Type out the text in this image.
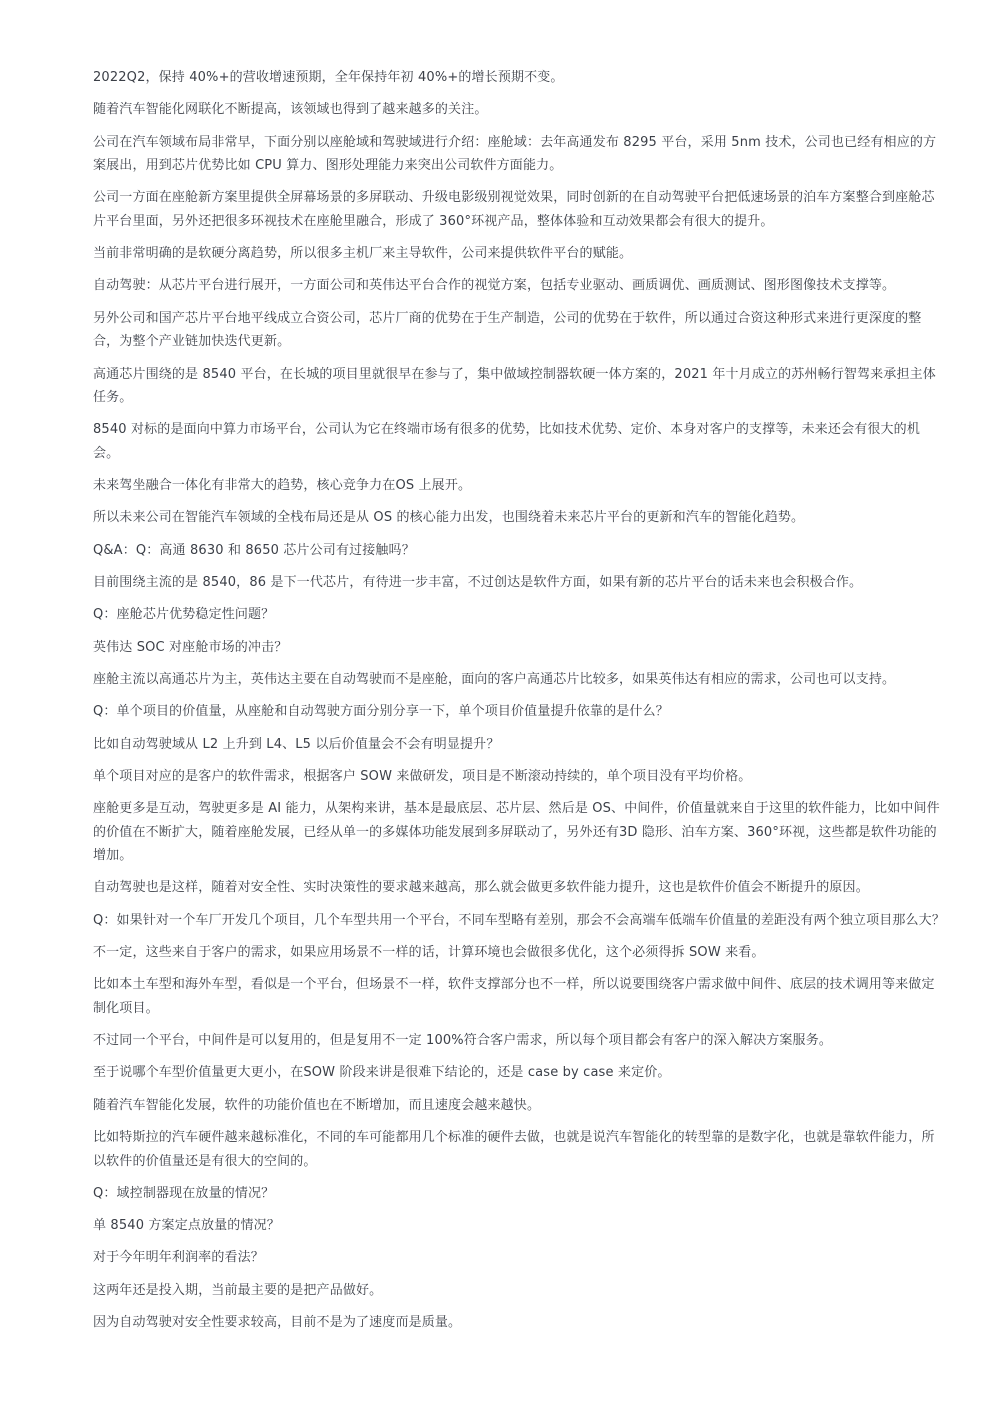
2022Q2，保持 40%+的营收增速预期，全年保持年初 40%+的增长预期不变。

随着汽车智能化网联化不断提高，该领域也得到了越来越多的关注。

公司在汽车领域布局非常早，下面分别以座舱域和驾驶域进行介绍：座舱域：去年高通发布 8295 平台，采用 5nm 技术，公司也已经有相应的方案展出，用到芯片优势比如 CPU 算力、图形处理能力来突出公司软件方面能力。

公司一方面在座舱新方案里提供全屏幕场景的多屏联动、升级电影级别视觉效果，同时创新的在自动驾驶平台把低速场景的泊车方案整合到座舱芯片平台里面，另外还把很多环视技术在座舱里融合，形成了 360°环视产品，整体体验和互动效果都会有很大的提升。

当前非常明确的是软硬分离趋势，所以很多主机厂来主导软件，公司来提供软件平台的赋能。

自动驾驶：从芯片平台进行展开，一方面公司和英伟达平台合作的视觉方案，包括专业驱动、画质调优、画质测试、图形图像技术支撑等。

另外公司和国产芯片平台地平线成立合资公司，芯片厂商的优势在于生产制造，公司的优势在于软件，所以通过合资这种形式来进行更深度的整合，为整个产业链加快迭代更新。

高通芯片围绕的是 8540 平台，在长城的项目里就很早在参与了，集中做域控制器软硬一体方案的，2021 年十月成立的苏州畅行智驾来承担主体任务。

8540 对标的是面向中算力市场平台，公司认为它在终端市场有很多的优势，比如技术优势、定价、本身对客户的支撑等，未来还会有很大的机会。

未来驾坐融合一体化有非常大的趋势，核心竞争力在OS 上展开。

所以未来公司在智能汽车领域的全栈布局还是从 OS 的核心能力出发，也围绕着未来芯片平台的更新和汽车的智能化趋势。

Q&A：Q：高通 8630 和 8650 芯片公司有过接触吗？

目前围绕主流的是 8540，86 是下一代芯片，有待进一步丰富，不过创达是软件方面，如果有新的芯片平台的话未来也会积极合作。

Q：座舱芯片优势稳定性问题？

英伟达 SOC 对座舱市场的冲击？

座舱主流以高通芯片为主，英伟达主要在自动驾驶而不是座舱，面向的客户高通芯片比较多，如果英伟达有相应的需求，公司也可以支持。

Q：单个项目的价值量，从座舱和自动驾驶方面分别分享一下，单个项目价值量提升依靠的是什么？

比如自动驾驶域从 L2 上升到 L4、L5 以后价值量会不会有明显提升？

单个项目对应的是客户的软件需求，根据客户 SOW 来做研发，项目是不断滚动持续的，单个项目没有平均价格。

座舱更多是互动，驾驶更多是 AI 能力，从架构来讲，基本是最底层、芯片层、然后是 OS、中间件，价值量就来自于这里的软件能力，比如中间件的价值在不断扩大，随着座舱发展，已经从单一的多媒体功能发展到多屏联动了，另外还有3D 隐形、泊车方案、360°环视，这些都是软件功能的增加。

自动驾驶也是这样，随着对安全性、实时决策性的要求越来越高，那么就会做更多软件能力提升，这也是软件价值会不断提升的原因。

Q：如果针对一个车厂开发几个项目，几个车型共用一个平台，不同车型略有差别，那会不会高端车低端车价值量的差距没有两个独立项目那么大？

不一定，这些来自于客户的需求，如果应用场景不一样的话，计算环境也会做很多优化，这个必须得拆 SOW 来看。

比如本土车型和海外车型，看似是一个平台，但场景不一样，软件支撑部分也不一样，所以说要围绕客户需求做中间件、底层的技术调用等来做定制化项目。

不过同一个平台，中间件是可以复用的，但是复用不一定 100%符合客户需求，所以每个项目都会有客户的深入解决方案服务。

至于说哪个车型价值量更大更小，在SOW 阶段来讲是很难下结论的，还是 case by case 来定价。

随着汽车智能化发展，软件的功能价值也在不断增加，而且速度会越来越快。

比如特斯拉的汽车硬件越来越标准化，不同的车可能都用几个标准的硬件去做，也就是说汽车智能化的转型靠的是数字化，也就是靠软件能力，所以软件的价值量还是有很大的空间的。

Q：域控制器现在放量的情况？

单 8540 方案定点放量的情况？

对于今年明年利润率的看法？

这两年还是投入期，当前最主要的是把产品做好。

因为自动驾驶对安全性要求较高，目前不是为了速度而是质量。
